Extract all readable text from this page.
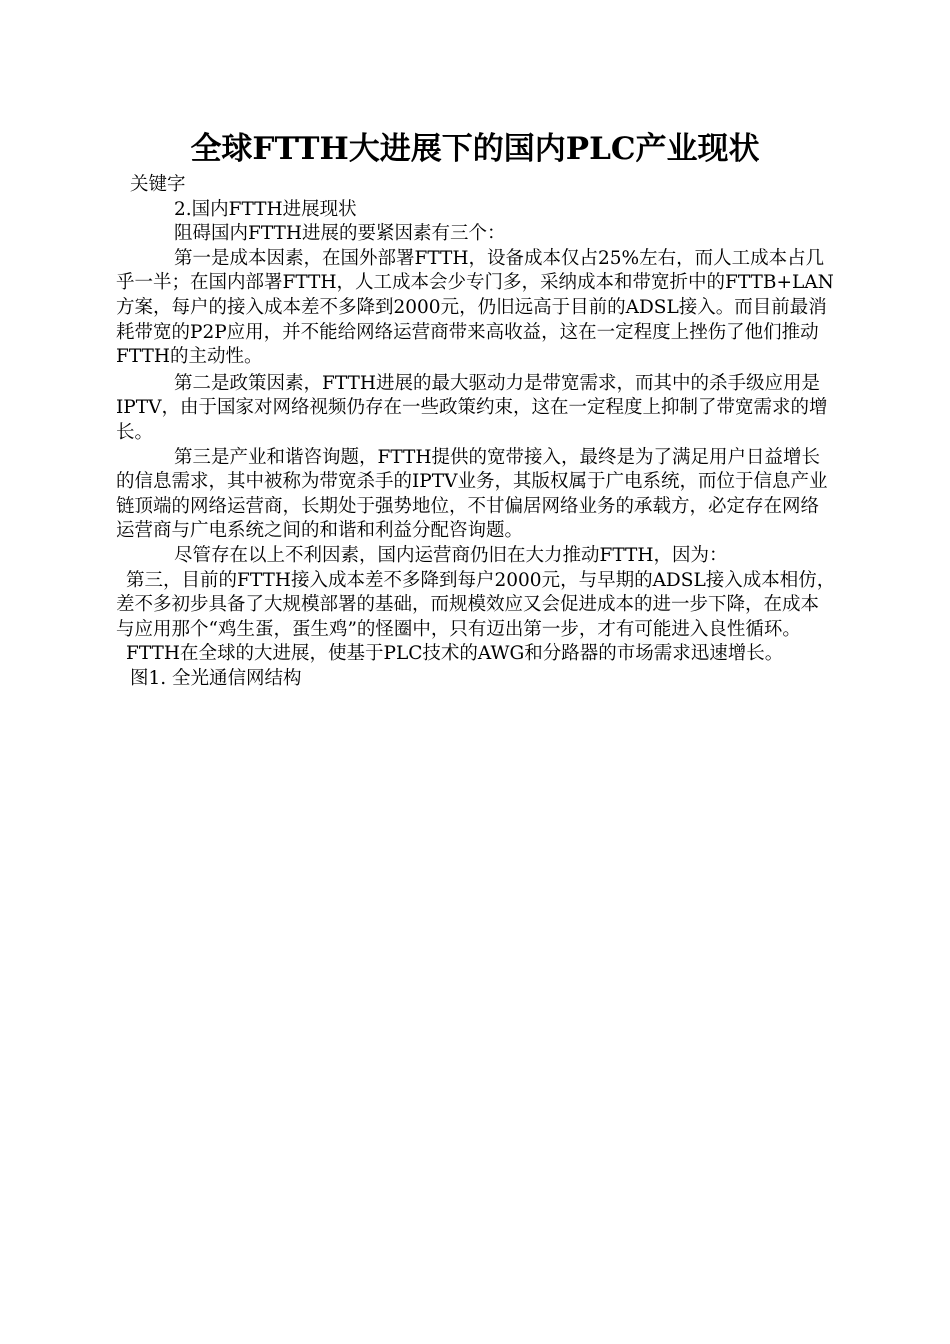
全球FTTH大进展下的国内PLC产业现状

关键字

2.国内FTTH进展现状

阻碍国内FTTH进展的要紧因素有三个：

第一是成本因素，在国外部署FTTH，设备成本仅占25%左右，而人工成本占几乎一半；在国内部署FTTH，人工成本会少专门多，采纳成本和带宽折中的FTTB+LAN方案，每户的接入成本差不多降到2000元，仍旧远高于目前的ADSL接入。而目前最消耗带宽的P2P应用，并不能给网络运营商带来高收益，这在一定程度上挫伤了他们推动FTTH的主动性。

第二是政策因素，FTTH进展的最大驱动力是带宽需求，而其中的杀手级应用是IPTV，由于国家对网络视频仍存在一些政策约束，这在一定程度上抑制了带宽需求的增长。

第三是产业和谐咨询题，FTTH提供的宽带接入，最终是为了满足用户日益增长的信息需求，其中被称为带宽杀手的IPTV业务，其版权属于广电系统，而位于信息产业链顶端的网络运营商，长期处于强势地位，不甘偏居网络业务的承载方，必定存在网络运营商与广电系统之间的和谐和利益分配咨询题。

尽管存在以上不利因素，国内运营商仍旧在大力推动FTTH，因为：

第三，目前的FTTH接入成本差不多降到每户2000元，与早期的ADSL接入成本相仿，差不多初步具备了大规模部署的基础，而规模效应又会促进成本的进一步下降，在成本与应用那个“鸡生蛋，蛋生鸡”的怪圈中，只有迈出第一步，才有可能进入良性循环。

FTTH在全球的大进展，使基于PLC技术的AWG和分路器的市场需求迅速增长。

图1. 全光通信网结构
